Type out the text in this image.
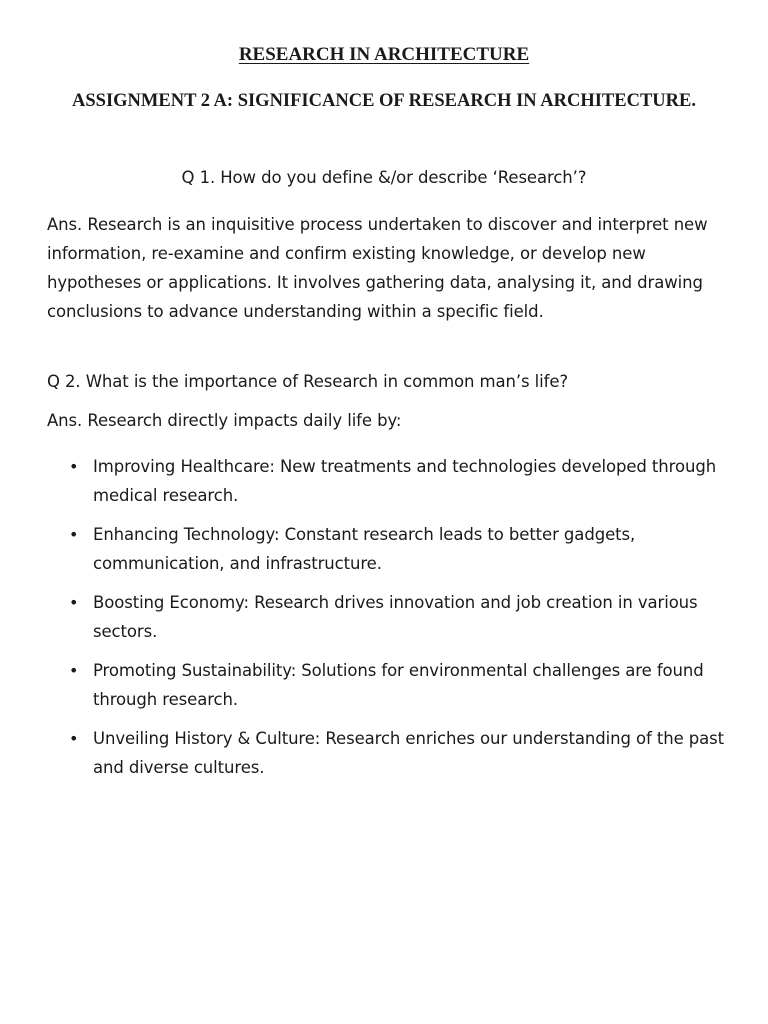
RESEARCH IN ARCHITECTURE
ASSIGNMENT 2 A: SIGNIFICANCE OF RESEARCH IN ARCHITECTURE.

Q 1. How do you define &/or describe ‘Research’?

Ans. Research is an inquisitive process undertaken to discover and interpret new information, re-examine and confirm existing knowledge, or develop new hypotheses or applications. It involves gathering data, analysing it, and drawing conclusions to advance understanding within a specific field.

Q 2. What is the importance of Research in common man’s life?

Ans. Research directly impacts daily life by:

• Improving Healthcare: New treatments and technologies developed through medical research.
• Enhancing Technology: Constant research leads to better gadgets, communication, and infrastructure.
• Boosting Economy: Research drives innovation and job creation in various sectors.
• Promoting Sustainability: Solutions for environmental challenges are found through research.
• Unveiling History & Culture: Research enriches our understanding of the past and diverse cultures.
